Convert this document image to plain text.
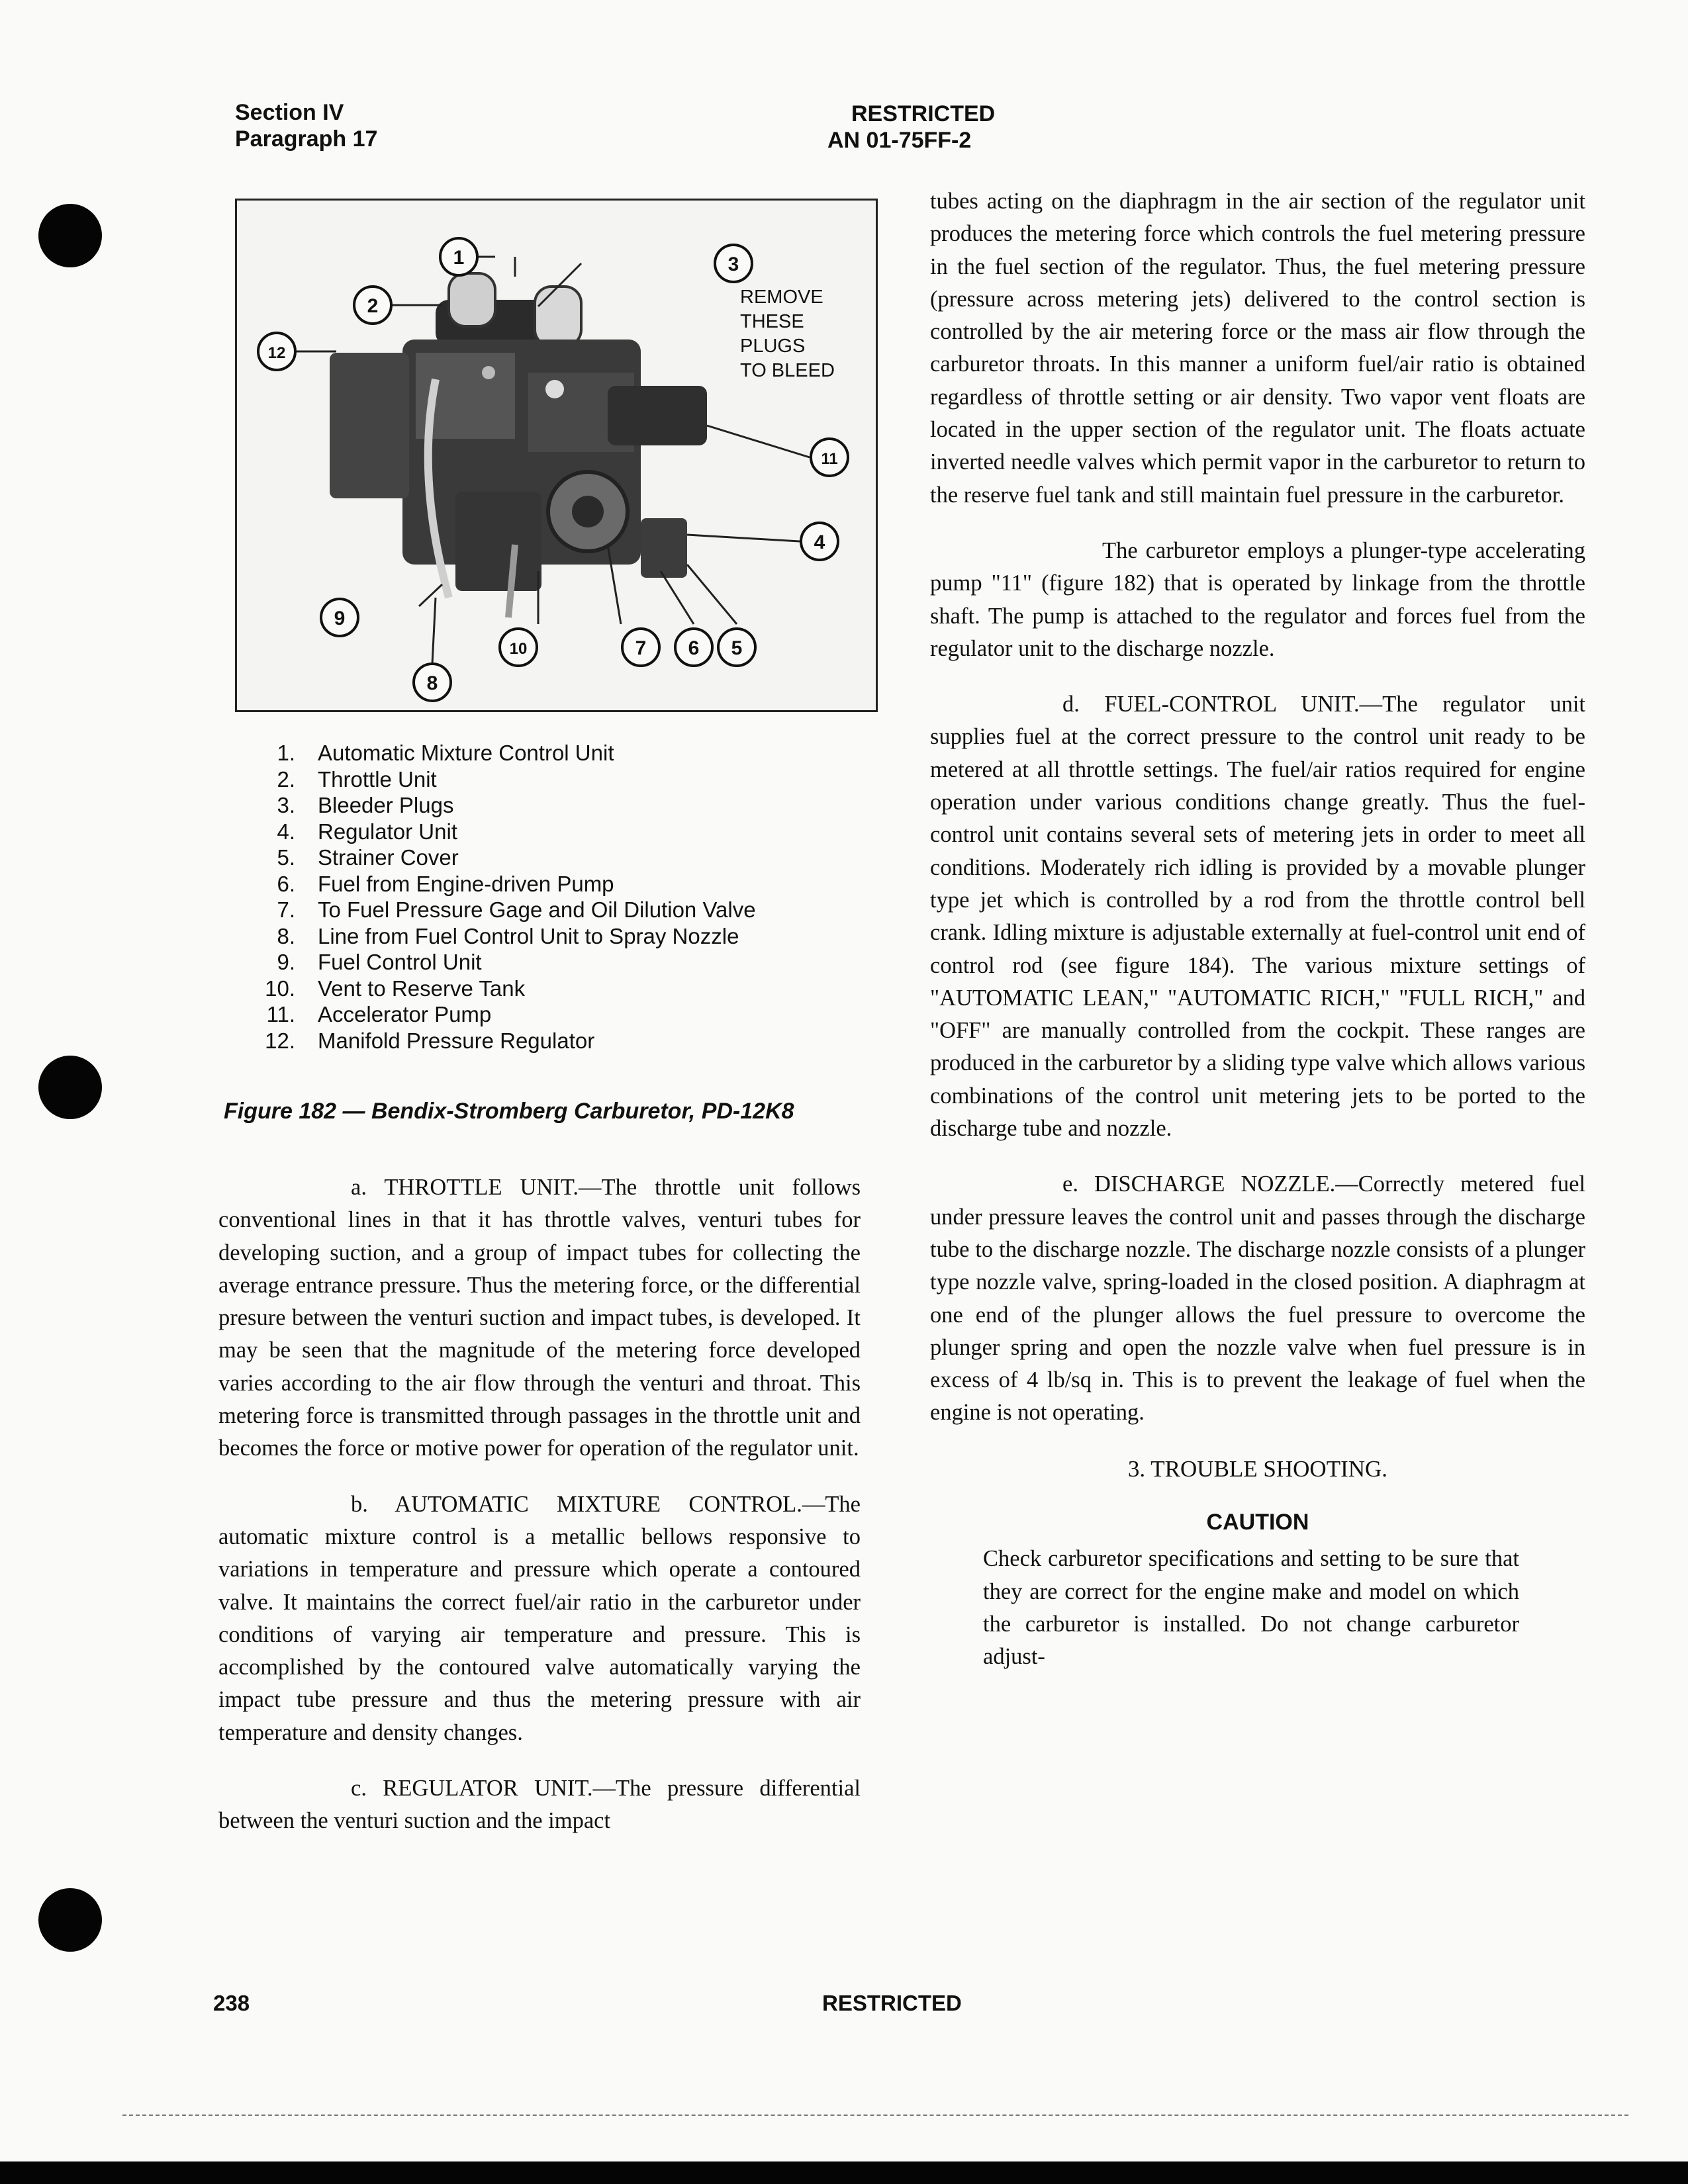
Section IV
Paragraph 17
RESTRICTED
AN 01-75FF-2
1
2
3
4
5
6
7
8
9
10
11
12
REMOVE
THESE
PLUGS
TO BLEED
1.	Automatic Mixture Control Unit
2.	Throttle Unit
3.	Bleeder Plugs
4.	Regulator Unit
5.	Strainer Cover
6.	Fuel from Engine-driven Pump
7.	To Fuel Pressure Gage and Oil Dilution Valve
8.	Line from Fuel Control Unit to Spray Nozzle
9.	Fuel Control Unit
10.	Vent to Reserve Tank
11.	Accelerator Pump
12.	Manifold Pressure Regulator
Figure 182 — Bendix-Stromberg Carburetor, PD-12K8

a. THROTTLE UNIT.—The throttle unit follows conventional lines in that it has throttle valves, venturi tubes for developing suction, and a group of impact tubes for collecting the average entrance pressure. Thus the metering force, or the differential presure between the venturi suction and impact tubes, is developed. It may be seen that the magnitude of the metering force developed varies according to the air flow through the venturi and throat. This metering force is transmitted through passages in the throttle unit and becomes the force or motive power for operation of the regulator unit.

b. AUTOMATIC MIXTURE CONTROL.—The automatic mixture control is a metallic bellows responsive to variations in temperature and pressure which operate a contoured valve. It maintains the correct fuel/air ratio in the carburetor under conditions of varying air temperature and pressure. This is accomplished by the contoured valve automatically varying the impact tube pressure and thus the metering pressure with air temperature and density changes.

c. REGULATOR UNIT.—The pressure differential between the venturi suction and the impact

tubes acting on the diaphragm in the air section of the regulator unit produces the metering force which controls the fuel metering pressure in the fuel section of the regulator. Thus, the fuel metering pressure (pressure across metering jets) delivered to the control section is controlled by the air metering force or the mass air flow through the carburetor throats. In this manner a uniform fuel/air ratio is obtained regardless of throttle setting or air density. Two vapor vent floats are located in the upper section of the regulator unit. The floats actuate inverted needle valves which permit vapor in the carburetor to return to the reserve fuel tank and still maintain fuel pressure in the carburetor.

The carburetor employs a plunger-type accelerating pump "11" (figure 182) that is operated by linkage from the throttle shaft. The pump is attached to the regulator and forces fuel from the regulator unit to the discharge nozzle.

d. FUEL-CONTROL UNIT.—The regulator unit supplies fuel at the correct pressure to the control unit ready to be metered at all throttle settings. The fuel/air ratios required for engine operation under various conditions change greatly. Thus the fuel-control unit contains several sets of metering jets in order to meet all conditions. Moderately rich idling is provided by a movable plunger type jet which is controlled by a rod from the throttle control bell crank. Idling mixture is adjustable externally at fuel-control unit end of control rod (see figure 184). The various mixture settings of "AUTOMATIC LEAN," "AUTOMATIC RICH," "FULL RICH," and "OFF" are manually controlled from the cockpit. These ranges are produced in the carburetor by a sliding type valve which allows various combinations of the control unit metering jets to be ported to the discharge tube and nozzle.

e. DISCHARGE NOZZLE.—Correctly metered fuel under pressure leaves the control unit and passes through the discharge tube to the discharge nozzle. The discharge nozzle consists of a plunger type nozzle valve, spring-loaded in the closed position. A diaphragm at one end of the plunger allows the fuel pressure to overcome the plunger spring and open the nozzle valve when fuel pressure is in excess of 4 lb/sq in. This is to prevent the leakage of fuel when the engine is not operating.

3. TROUBLE SHOOTING.
CAUTION
Check carburetor specifications and setting to be sure that they are correct for the engine make and model on which the carburetor is installed. Do not change carburetor adjust-
238	RESTRICTED
